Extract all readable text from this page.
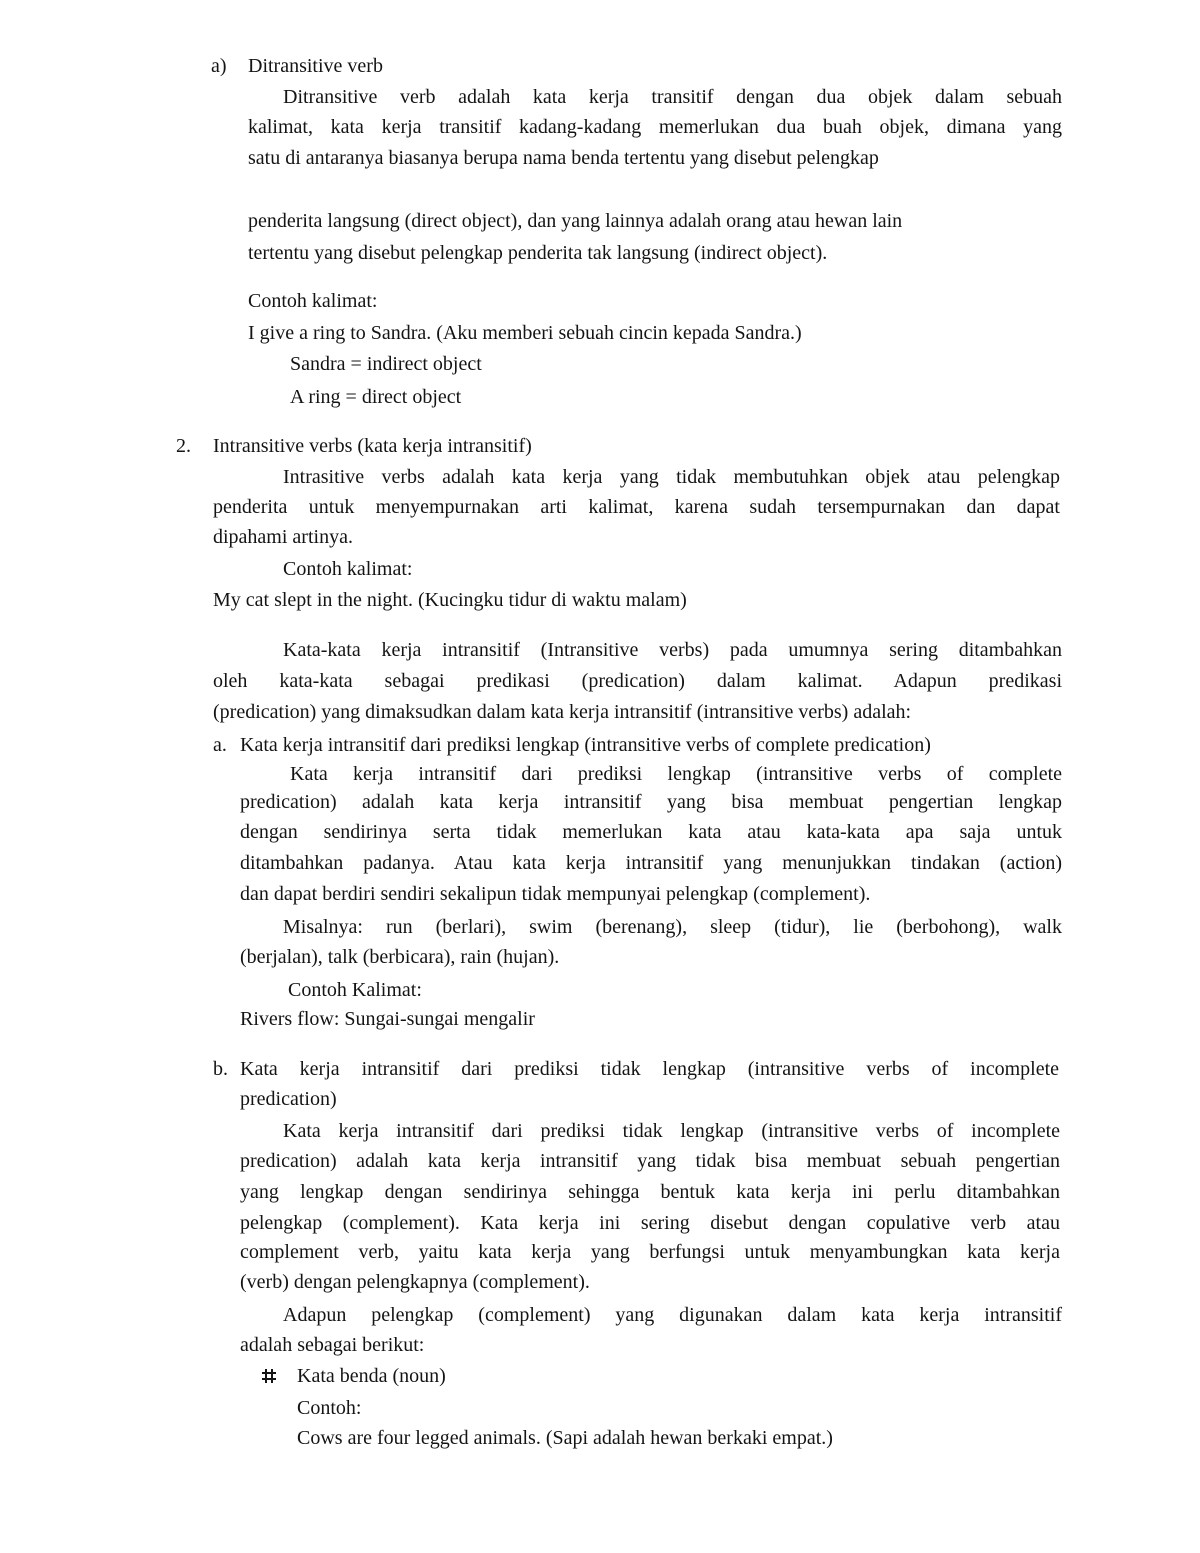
a) Ditransitive verb
Ditransitive verb adalah kata kerja transitif dengan dua objek dalam sebuah
kalimat, kata kerja transitif kadang-kadang memerlukan dua buah objek, dimana yang
satu di antaranya biasanya berupa nama benda tertentu yang disebut pelengkap
penderita langsung (direct object), dan yang lainnya adalah orang atau hewan lain
tertentu yang disebut pelengkap penderita tak langsung (indirect object).
Contoh kalimat:
I give a ring to Sandra. (Aku memberi sebuah cincin kepada Sandra.)
Sandra = indirect object
A ring = direct object
2. Intransitive verbs (kata kerja intransitif)
Intrasitive verbs adalah kata kerja yang tidak membutuhkan objek atau pelengkap
penderita untuk menyempurnakan arti kalimat, karena sudah tersempurnakan dan dapat
dipahami artinya.
Contoh kalimat:
My cat slept in the night. (Kucingku tidur di waktu malam)
Kata-kata kerja intransitif (Intransitive verbs) pada umumnya sering ditambahkan
oleh kata-kata sebagai predikasi (predication) dalam kalimat. Adapun predikasi
(predication) yang dimaksudkan dalam kata kerja intransitif (intransitive verbs) adalah:
a. Kata kerja intransitif dari prediksi lengkap (intransitive verbs of complete predication)
Kata kerja intransitif dari prediksi lengkap (intransitive verbs of complete
predication) adalah kata kerja intransitif yang bisa membuat pengertian lengkap
dengan sendirinya serta tidak memerlukan kata atau kata-kata apa saja untuk
ditambahkan padanya. Atau kata kerja intransitif yang menunjukkan tindakan (action)
dan dapat berdiri sendiri sekalipun tidak mempunyai pelengkap (complement).
Misalnya: run (berlari), swim (berenang), sleep (tidur), lie (berbohong), walk
(berjalan), talk (berbicara), rain (hujan).
Contoh Kalimat:
Rivers flow: Sungai-sungai mengalir
b. Kata kerja intransitif dari prediksi tidak lengkap (intransitive verbs of incomplete
predication)
Kata kerja intransitif dari prediksi tidak lengkap (intransitive verbs of incomplete
predication) adalah kata kerja intransitif yang tidak bisa membuat sebuah pengertian
yang lengkap dengan sendirinya sehingga bentuk kata kerja ini perlu ditambahkan
pelengkap (complement). Kata kerja ini sering disebut dengan copulative verb atau
complement verb, yaitu kata kerja yang berfungsi untuk menyambungkan kata kerja
(verb) dengan pelengkapnya (complement).
Adapun pelengkap (complement) yang digunakan dalam kata kerja intransitif
adalah sebagai berikut:
Kata benda (noun)
Contoh:
Cows are four legged animals. (Sapi adalah hewan berkaki empat.)
